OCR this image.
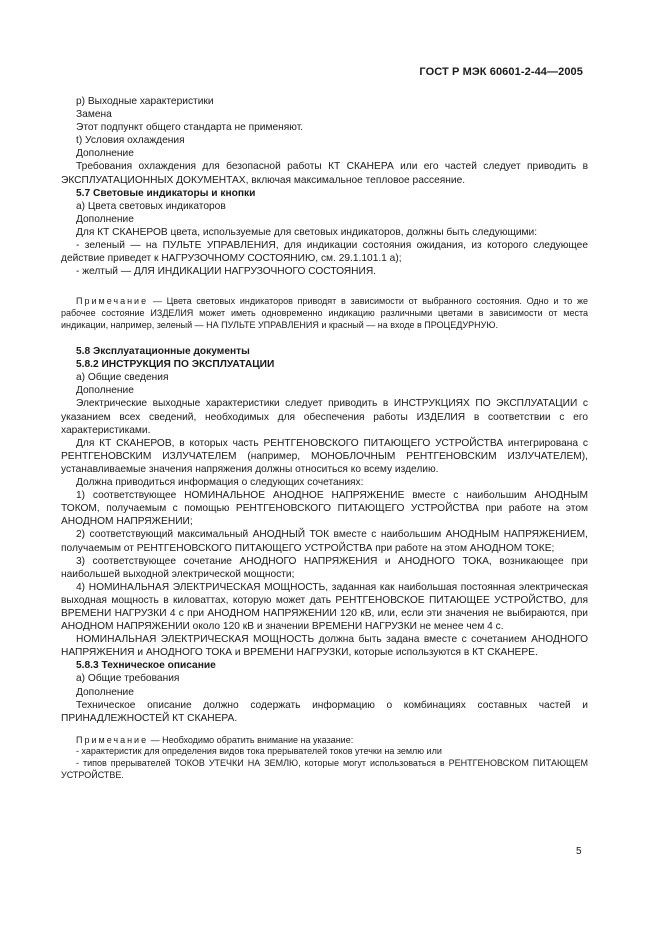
ГОСТ Р МЭК 60601-2-44—2005

р) Выходные характеристики

Замена

Этот подпункт общего стандарта не применяют.

t) Условия охлаждения

Дополнение

Требования охлаждения для безопасной работы КТ СКАНЕРА или его частей следует приводить в ЭКСПЛУАТАЦИОННЫХ ДОКУМЕНТАХ, включая максимальное тепловое рассеяние.

5.7 Световые индикаторы и кнопки

а) Цвета световых индикаторов

Дополнение

Для КТ СКАНЕРОВ цвета, используемые для световых индикаторов, должны быть следующими:

- зеленый — на ПУЛЬТЕ УПРАВЛЕНИЯ, для индикации состояния ожидания, из которого следующее действие приведет к НАГРУЗОЧНОМУ СОСТОЯНИЮ, см. 29.1.101.1 а);

- желтый — ДЛЯ ИНДИКАЦИИ НАГРУЗОЧНОГО СОСТОЯНИЯ.

Примечание — Цвета световых индикаторов приводят в зависимости от выбранного состояния. Одно и то же рабочее состояние ИЗДЕЛИЯ может иметь одновременно индикацию различными цветами в зависимости от места индикации, например, зеленый — НА ПУЛЬТЕ УПРАВЛЕНИЯ и красный — на входе в ПРОЦЕДУРНУЮ.

5.8 Эксплуатационные документы

5.8.2 ИНСТРУКЦИЯ ПО ЭКСПЛУАТАЦИИ

а) Общие сведения

Дополнение

Электрические выходные характеристики следует приводить в ИНСТРУКЦИЯХ ПО ЭКСПЛУАТАЦИИ с указанием всех сведений, необходимых для обеспечения работы ИЗДЕЛИЯ в соответствии с его характеристиками.

Для КТ СКАНЕРОВ, в которых часть РЕНТГЕНОВСКОГО ПИТАЮЩЕГО УСТРОЙСТВА интегрирована с РЕНТГЕНОВСКИМ ИЗЛУЧАТЕЛЕМ (например, МОНОБЛОЧНЫМ РЕНТГЕНОВСКИМ ИЗЛУЧАТЕЛЕМ), устанавливаемые значения напряжения должны относиться ко всему изделию.

Должна приводиться информация о следующих сочетаниях:

1) соответствующее НОМИНАЛЬНОЕ АНОДНОЕ НАПРЯЖЕНИЕ вместе с наибольшим АНОДНЫМ ТОКОМ, получаемым с помощью РЕНТГЕНОВСКОГО ПИТАЮЩЕГО УСТРОЙСТВА при работе на этом АНОДНОМ НАПРЯЖЕНИИ;

2) соответствующий максимальный АНОДНЫЙ ТОК вместе с наибольшим АНОДНЫМ НАПРЯЖЕНИЕМ, получаемым от РЕНТГЕНОВСКОГО ПИТАЮЩЕГО УСТРОЙСТВА при работе на этом АНОДНОМ ТОКЕ;

3) соответствующее сочетание АНОДНОГО НАПРЯЖЕНИЯ и АНОДНОГО ТОКА, возникающее при наибольшей выходной электрической мощности;

4) НОМИНАЛЬНАЯ ЭЛЕКТРИЧЕСКАЯ МОЩНОСТЬ, заданная как наибольшая постоянная электрическая выходная мощность в киловаттах, которую может дать РЕНТГЕНОВСКОЕ ПИТАЮЩЕЕ УСТРОЙСТВО, для ВРЕМЕНИ НАГРУЗКИ 4 с при АНОДНОМ НАПРЯЖЕНИИ 120 кВ, или, если эти значения не выбираются, при АНОДНОМ НАПРЯЖЕНИИ около 120 кВ и значении ВРЕМЕНИ НАГРУЗКИ не менее чем 4 с.

НОМИНАЛЬНАЯ ЭЛЕКТРИЧЕСКАЯ МОЩНОСТЬ должна быть задана вместе с сочетанием АНОДНОГО НАПРЯЖЕНИЯ и АНОДНОГО ТОКА и ВРЕМЕНИ НАГРУЗКИ, которые используются в КТ СКАНЕРЕ.

5.8.3 Техническое описание

а) Общие требования

Дополнение

Техническое описание должно содержать информацию о комбинациях составных частей и ПРИНАДЛЕЖНОСТЕЙ КТ СКАНЕРА.

Примечание — Необходимо обратить внимание на указание:

- характеристик для определения видов тока прерывателей токов утечки на землю или

- типов прерывателей ТОКОВ УТЕЧКИ НА ЗЕМЛЮ, которые могут использоваться в РЕНТГЕНОВСКОМ ПИТАЮЩЕМ УСТРОЙСТВЕ.

5
